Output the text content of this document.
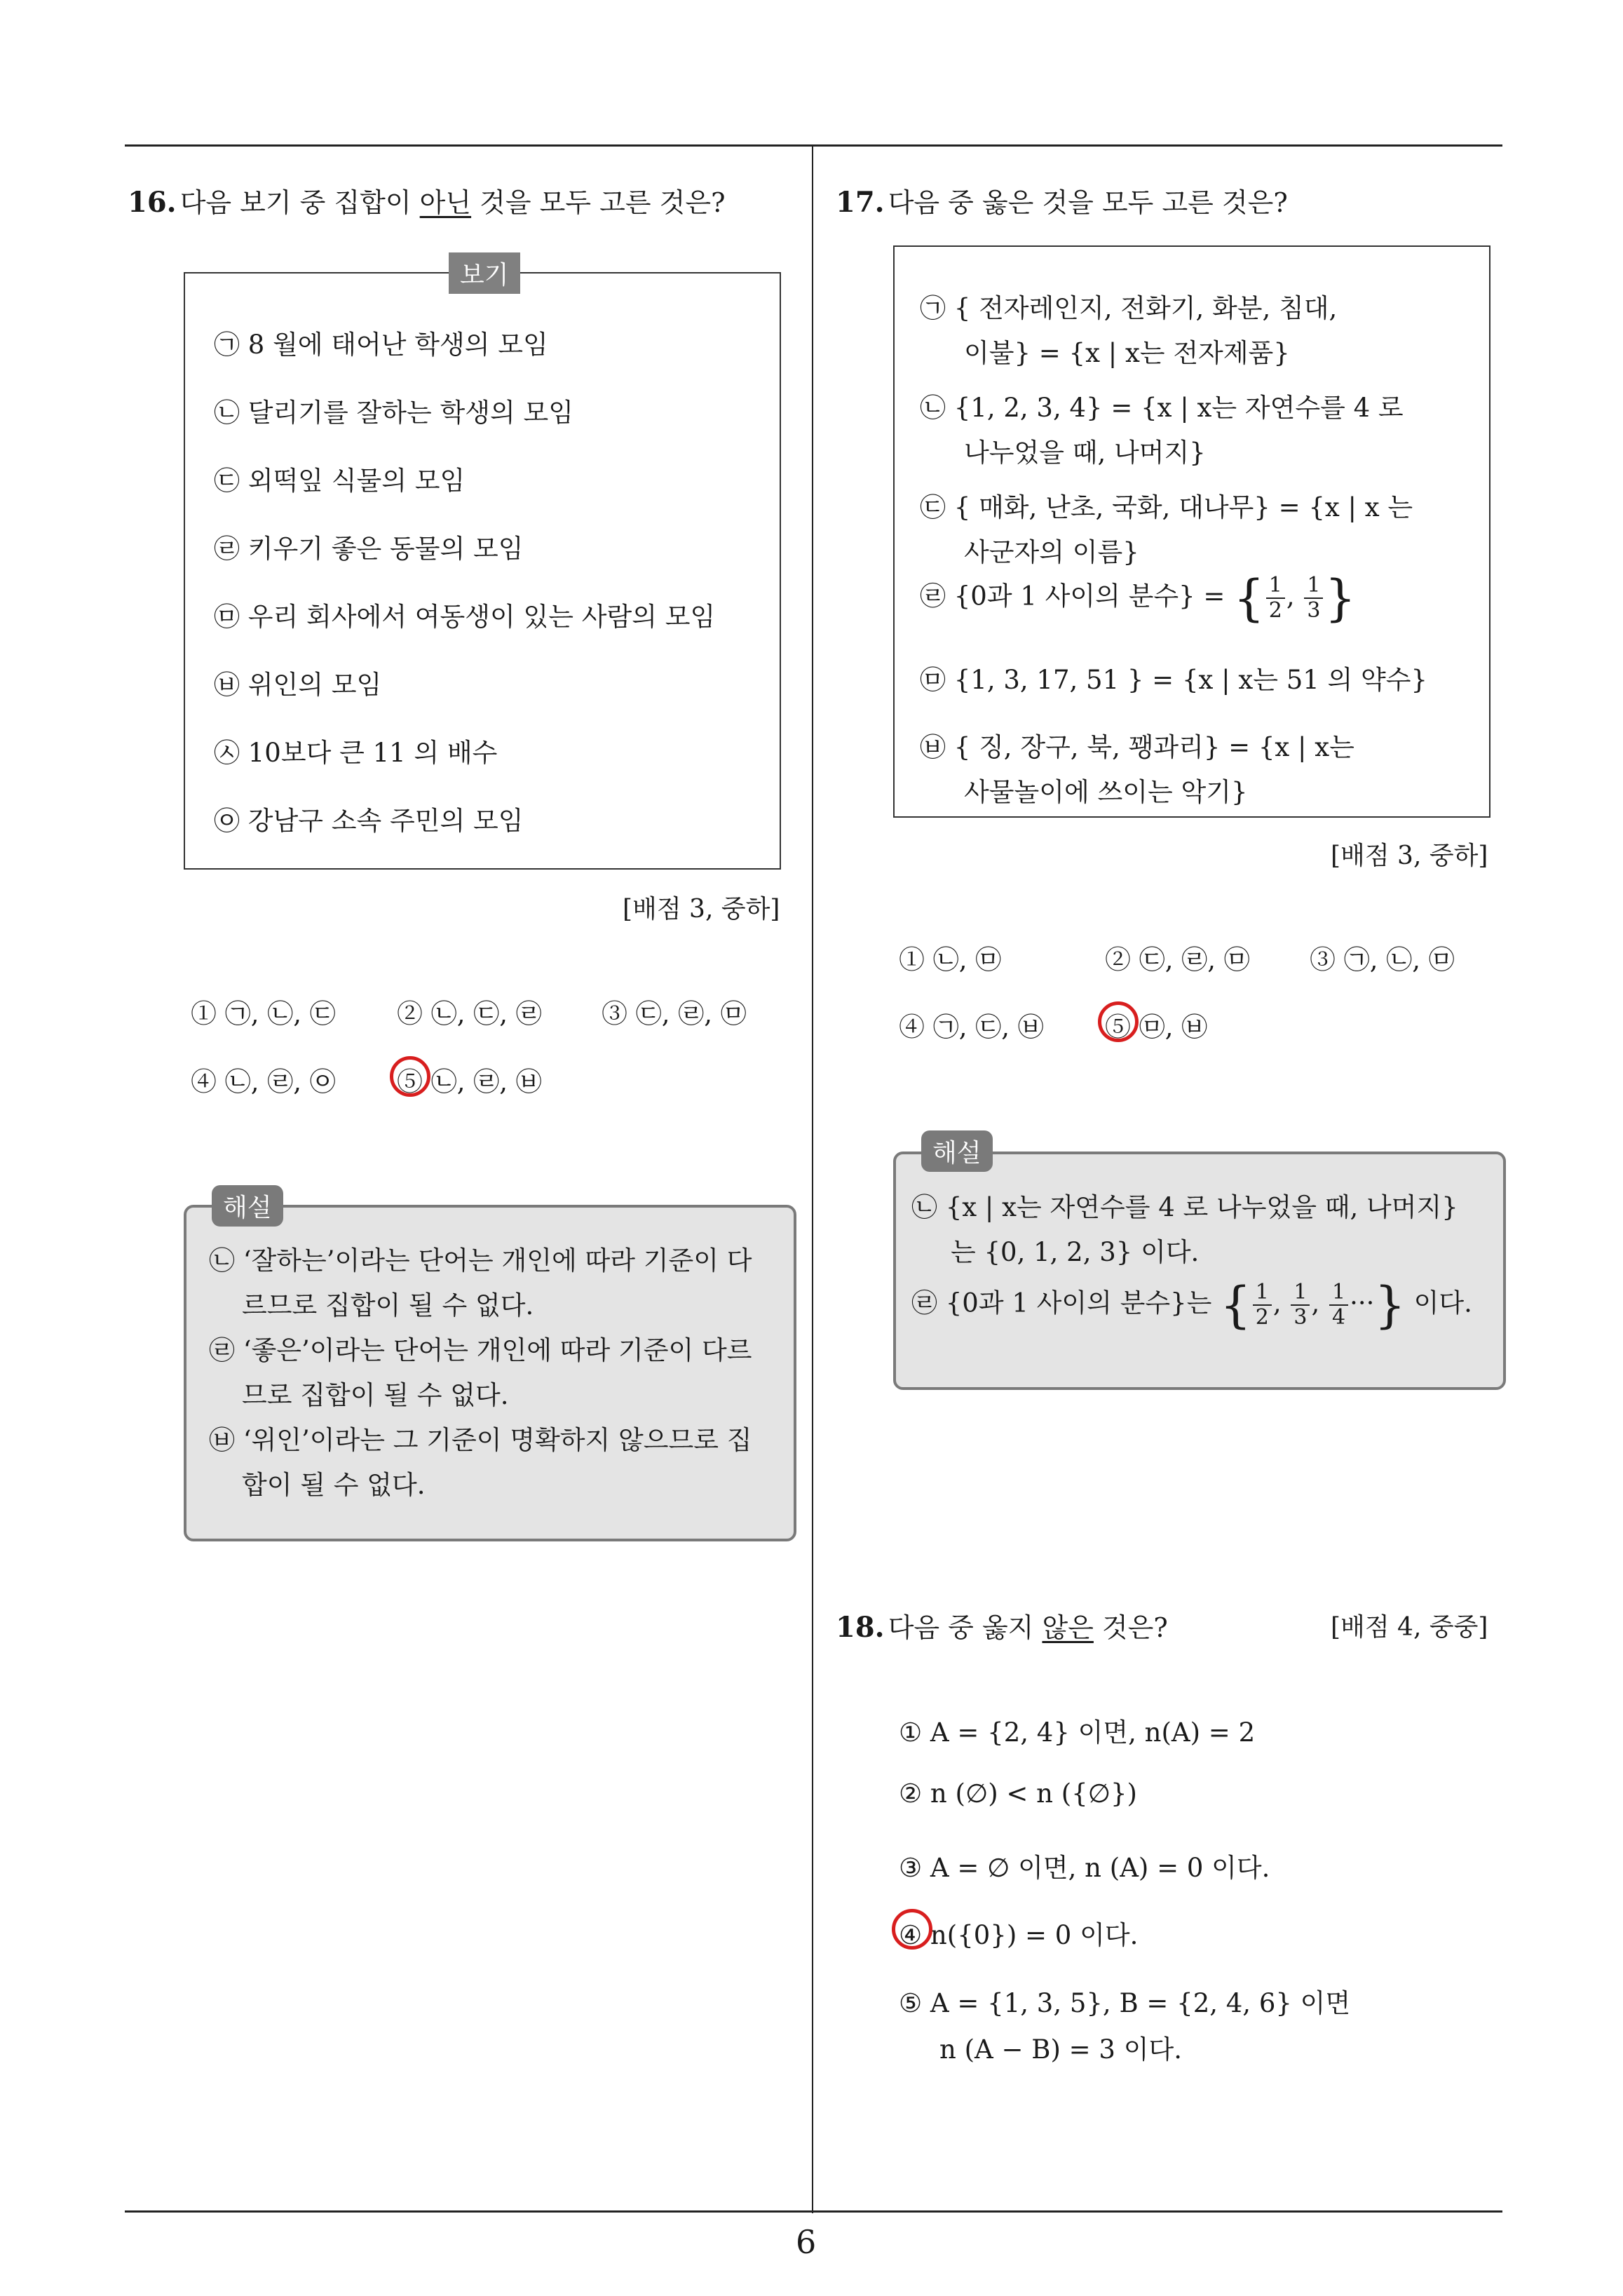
16. 다음 보기 중 집합이 아닌 것을 모두 고른 것은?
보기
㉠ 8 월에 태어난 학생의 모임
㉡ 달리기를 잘하는 학생의 모임
㉢ 외떡잎 식물의 모임
㉣ 키우기 좋은 동물의 모임
㉤ 우리 회사에서 여동생이 있는 사람의 모임
㉥ 위인의 모임
㉦ 10보다 큰 11 의 배수
㉧ 강남구 소속 주민의 모임
[배점 3, 중하]
① ㉠, ㉡, ㉢ ② ㉡, ㉢, ㉣ ③ ㉢, ㉣, ㉤
④ ㉡, ㉣, ㉧ ⑤ ㉡, ㉣, ㉥
해설
㉡ ‘잘하는’이라는 단어는 개인에 따라 기준이 다
르므로 집합이 될 수 없다.
㉣ ‘좋은’이라는 단어는 개인에 따라 기준이 다르
므로 집합이 될 수 없다.
㉥ ‘위인’이라는 그 기준이 명확하지 않으므로 집
합이 될 수 없다.
17. 다음 중 옳은 것을 모두 고른 것은?
㉠ { 전자레인지, 전화기, 화분, 침대,
이불} = {x | x는 전자제품}
㉡ {1, 2, 3, 4} = {x | x는 자연수를 4 로
나누었을 때, 나머지}
㉢ { 매화, 난초, 국화, 대나무} = {x | x 는
사군자의 이름}
㉣ {0과 1 사이의 분수} = { $\frac{1}{2}$ , $\frac{1}{3}$ }
㉤ {1, 3, 17, 51 } = {x | x는 51 의 약수}
㉥ { 징, 장구, 북, 꽹과리} = {x | x는
사물놀이에 쓰이는 악기}
[배점 3, 중하]
① ㉡, ㉤	② ㉢, ㉣, ㉤ ③ ㉠, ㉡, ㉤
④ ㉠, ㉢, ㉥ ⑤ ㉤, ㉥
해설
㉡ {x | x는 자연수를 4 로 나누었을 때, 나머지}
는 {0, 1, 2, 3} 이다.
㉣ {0과 1 사이의 분수}는 { $\frac{1}{2}$ , $\frac{1}{3}$ , $\frac{1}{4}$ ···} 이다.
18. 다음 중 옳지 않은 것은?	[배점 4, 중중]
① A = {2, 4} 이면, n(A) = 2
② n (∅) < n ({∅})
③ A = ∅ 이면, n (A) = 0 이다.
④ n({0}) = 0 이다.
⑤ A = {1, 3, 5}, B = {2, 4, 6} 이면
n (A − B) = 3 이다.
6
